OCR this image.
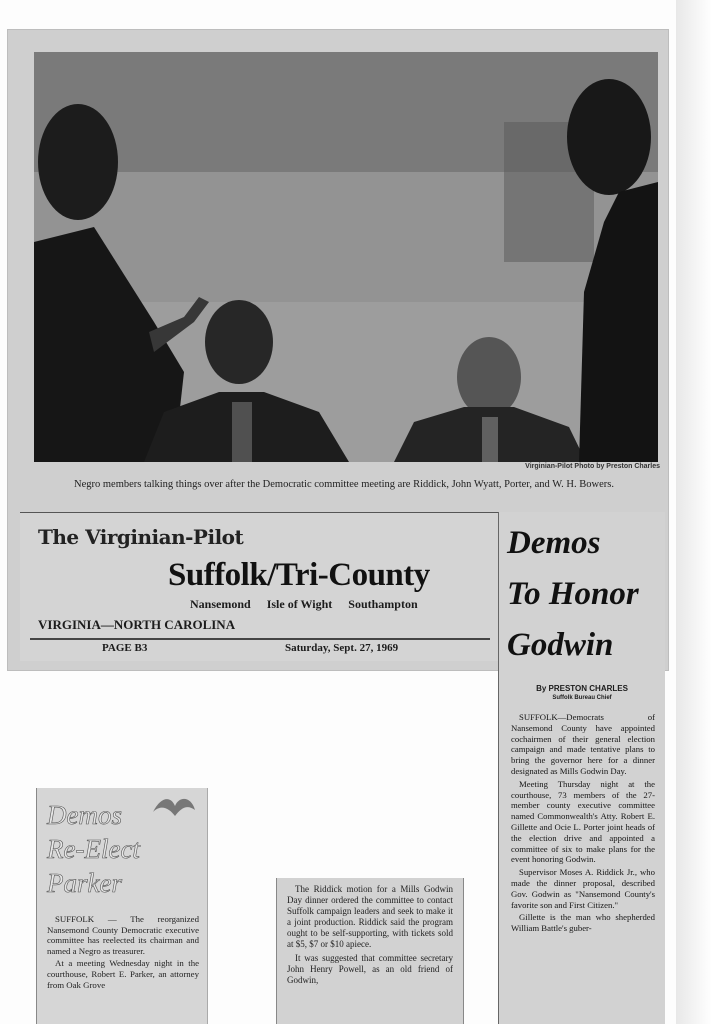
Virginian-Pilot Photo by Preston Charles
Negro members talking things over after the Democratic committee meeting are Riddick, John Wyatt, Porter, and W. H. Bowers.
The Virginian-Pilot
Suffolk/Tri-County
Nansemond Isle of Wight Southampton
VIRGINIA—NORTH CAROLINA
PAGE B3	Saturday, Sept. 27, 1969
Demos
To Honor
Godwin
By PRESTON CHARLES
Suffolk Bureau Chief

SUFFOLK—Democrats of Nansemond County have appointed cochairmen of their general election campaign and made tentative plans to bring the governor here for a dinner designated as Mills Godwin Day.

Meeting Thursday night at the courthouse, 73 members of the 27-member county executive committee named Commonwealth's Atty. Robert E. Gillette and Ocie L. Porter joint heads of the election drive and appointed a committee of six to make plans for the event honoring Godwin.

Supervisor Moses A. Riddick Jr., who made the dinner proposal, described Gov. Godwin as "Nansemond County's favorite son and First Citizen."

Gillette is the man who shepherded William Battle's guber-

Demos
Re-Elect
Parker

SUFFOLK — The reorganized Nansemond County Democratic executive committee has reelected its chairman and named a Negro as treasurer.

At a meeting Wednesday night in the courthouse, Robert E. Parker, an attorney from Oak Grove

The Riddick motion for a Mills Godwin Day dinner ordered the committee to contact Suffolk campaign leaders and seek to make it a joint production. Riddick said the program ought to be self-supporting, with tickets sold at $5, $7 or $10 apiece.

It was suggested that committee secretary John Henry Powell, as an old friend of Godwin,
